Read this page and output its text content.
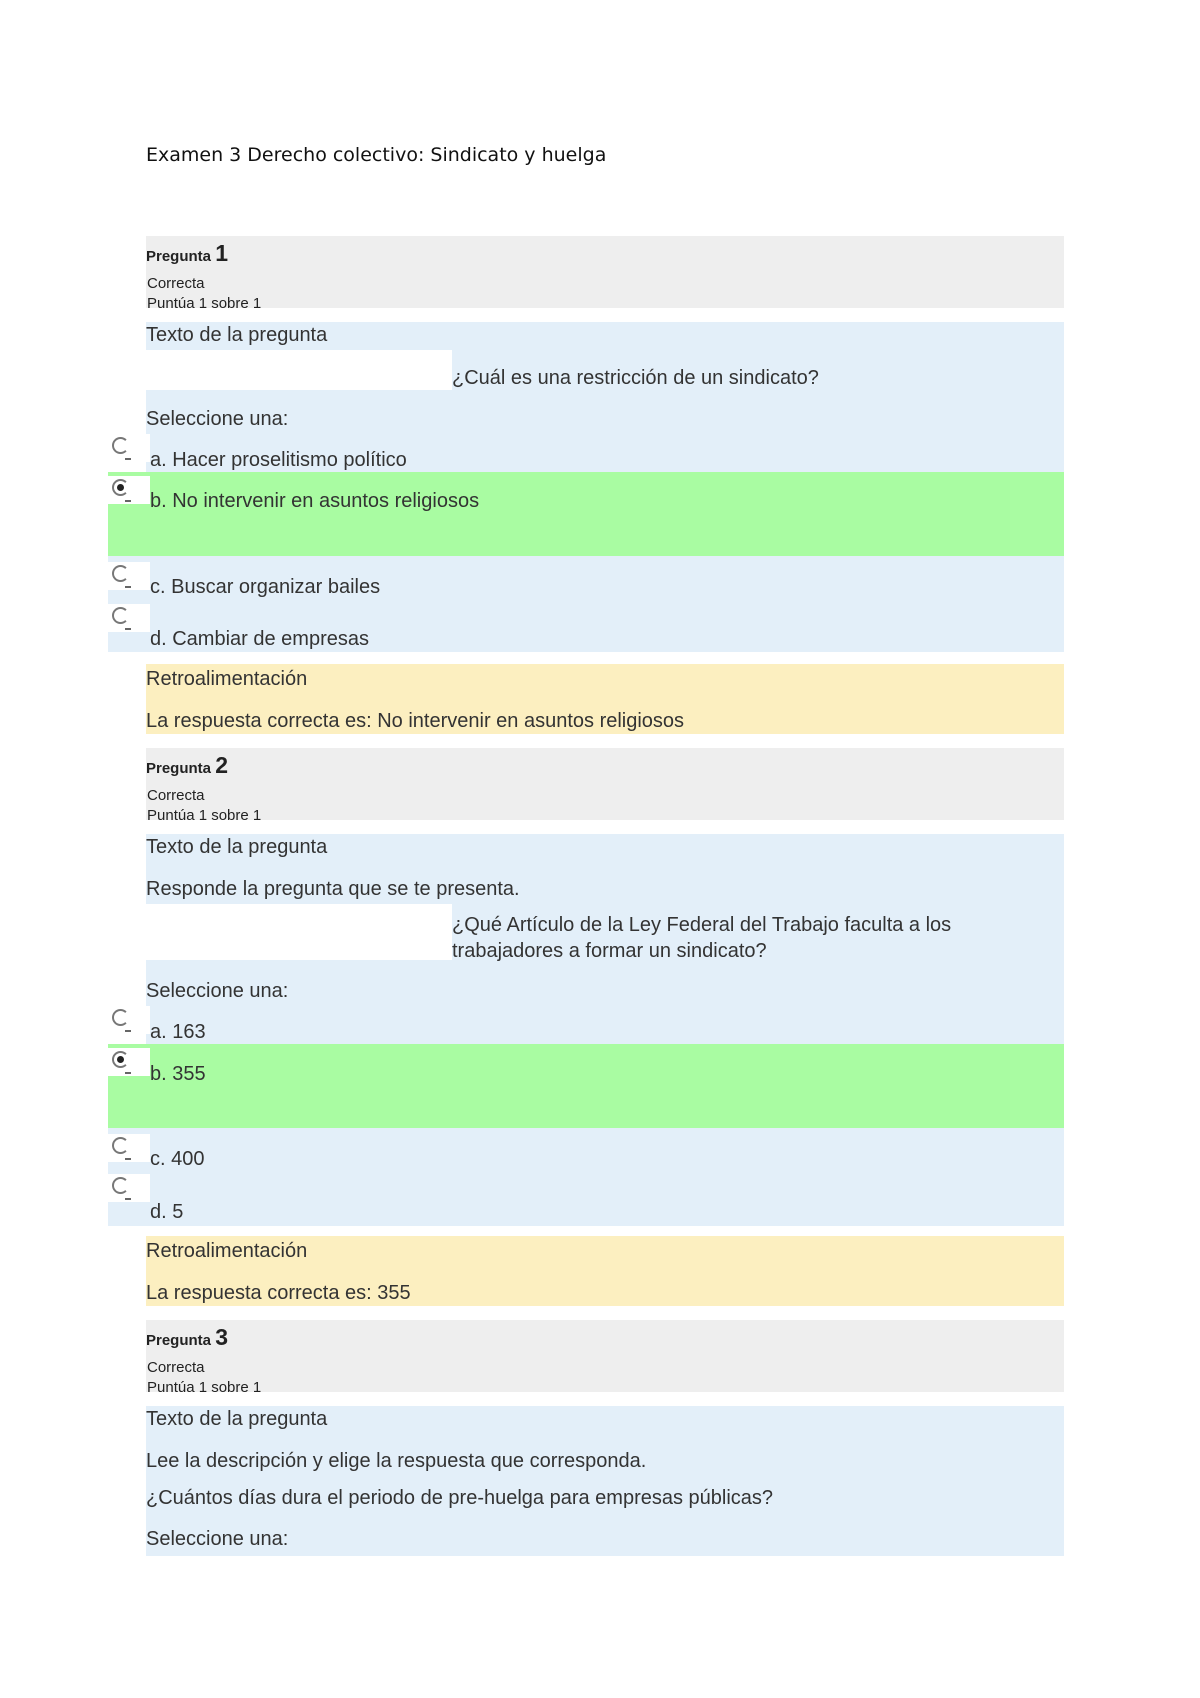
Examen 3 Derecho colectivo: Sindicato y huelga
Pregunta 1
Correcta
Puntúa 1 sobre 1
Texto de la pregunta
¿Cuál es una restricción de un sindicato?
Seleccione una:
a. Hacer proselitismo político
b. No intervenir en asuntos religiosos
c. Buscar organizar bailes
d. Cambiar de empresas
Retroalimentación
La respuesta correcta es: No intervenir en asuntos religiosos
Pregunta 2
Correcta
Puntúa 1 sobre 1
Texto de la pregunta
Responde la pregunta que se te presenta.
¿Qué Artículo de la Ley Federal del Trabajo faculta a los
trabajadores a formar un sindicato?
Seleccione una:
a. 163
b. 355
c. 400
d. 5
Retroalimentación
La respuesta correcta es: 355
Pregunta 3
Correcta
Puntúa 1 sobre 1
Texto de la pregunta
Lee la descripción y elige la respuesta que corresponda.
¿Cuántos días dura el periodo de pre-huelga para empresas públicas?
Seleccione una:
